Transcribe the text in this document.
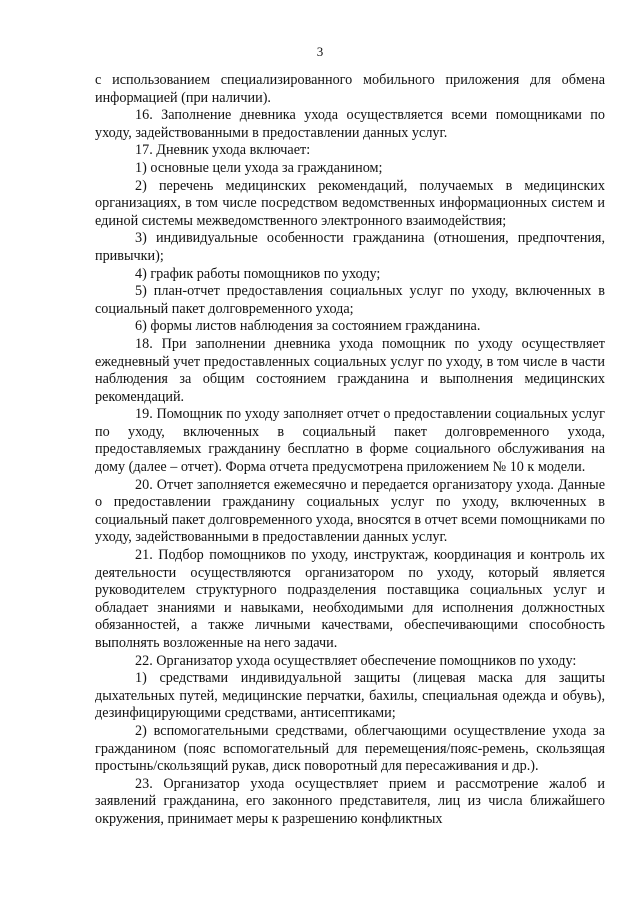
3

с использованием специализированного мобильного приложения для обмена информацией (при наличии).

16. Заполнение дневника ухода осуществляется всеми помощниками по уходу, задействованными в предоставлении данных услуг.

17. Дневник ухода включает:

1) основные цели ухода за гражданином;

2) перечень медицинских рекомендаций, получаемых в медицинских организациях, в том числе посредством ведомственных информационных систем и единой системы межведомственного электронного взаимодействия;

3) индивидуальные особенности гражданина (отношения, предпочтения, привычки);

4) график работы помощников по уходу;

5) план-отчет предоставления социальных услуг по уходу, включенных в социальный пакет долговременного ухода;

6) формы листов наблюдения за состоянием гражданина.

18. При заполнении дневника ухода помощник по уходу осуществляет ежедневный учет предоставленных социальных услуг по уходу, в том числе в части наблюдения за общим состоянием гражданина и выполнения медицинских рекомендаций.

19. Помощник по уходу заполняет отчет о предоставлении социальных услуг по уходу, включенных в социальный пакет долговременного ухода, предоставляемых гражданину бесплатно в форме социального обслуживания на дому (далее – отчет). Форма отчета предусмотрена приложением № 10 к модели.

20. Отчет заполняется ежемесячно и передается организатору ухода. Данные о предоставлении гражданину социальных услуг по уходу, включенных в социальный пакет долговременного ухода, вносятся в отчет всеми помощниками по уходу, задействованными в предоставлении данных услуг.

21. Подбор помощников по уходу, инструктаж, координация и контроль их деятельности осуществляются организатором по уходу, который является руководителем структурного подразделения поставщика социальных услуг и обладает знаниями и навыками, необходимыми для исполнения должностных обязанностей, а также личными качествами, обеспечивающими способность выполнять возложенные на него задачи.

22. Организатор ухода осуществляет обеспечение помощников по уходу:

1) средствами индивидуальной защиты (лицевая маска для защиты дыхательных путей, медицинские перчатки, бахилы, специальная одежда и обувь), дезинфицирующими средствами, антисептиками;

2) вспомогательными средствами, облегчающими осуществление ухода за гражданином (пояс вспомогательный для перемещения/пояс-ремень, скользящая простынь/скользящий рукав, диск поворотный для пересаживания и др.).

23. Организатор ухода осуществляет прием и рассмотрение жалоб и заявлений гражданина, его законного представителя, лиц из числа ближайшего окружения, принимает меры к разрешению конфликтных
